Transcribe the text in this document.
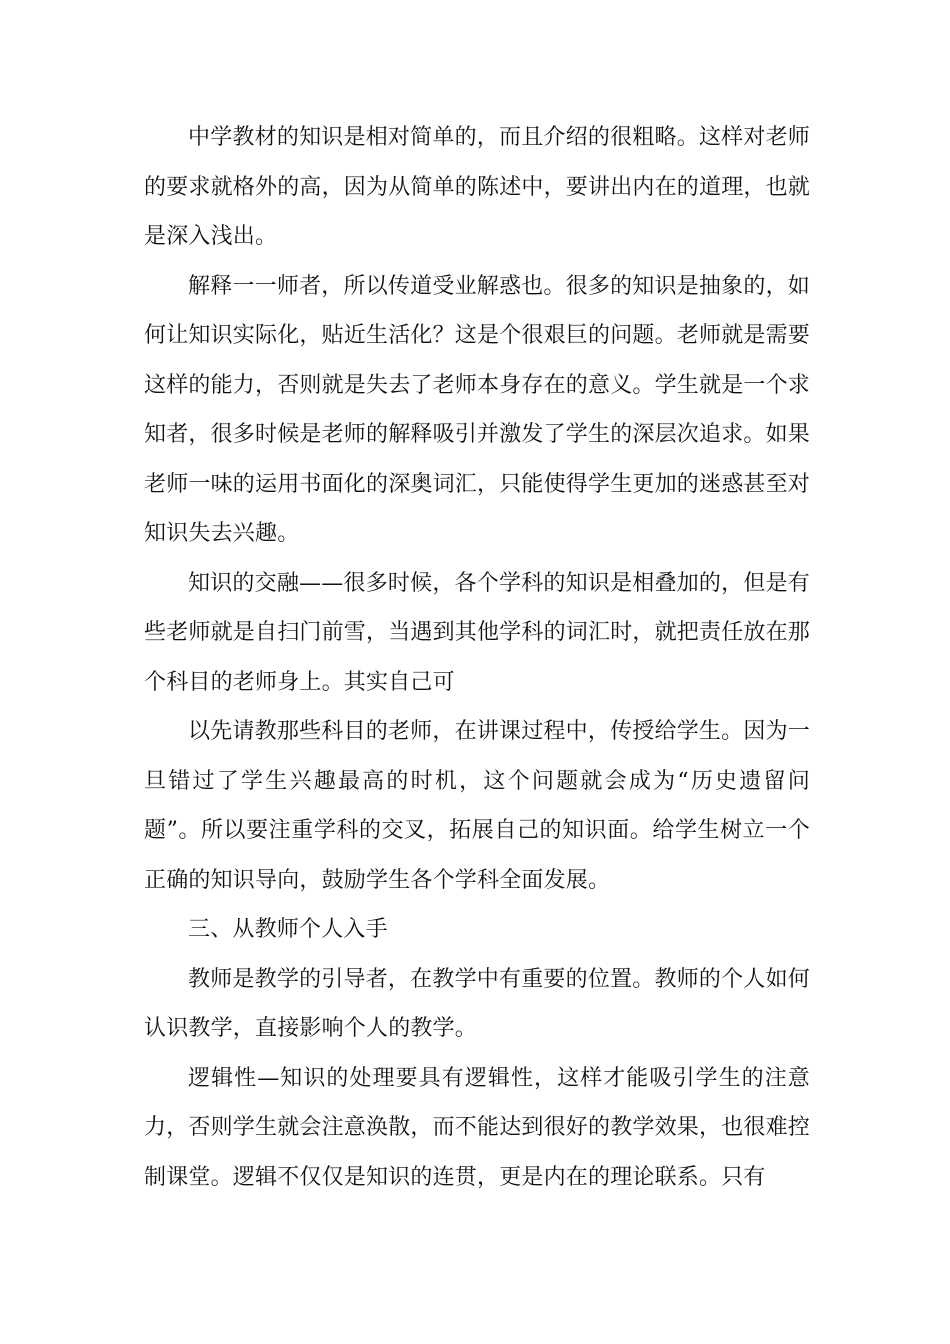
中学教材的知识是相对简单的，而且介绍的很粗略。这样对老师的要求就格外的高，因为从简单的陈述中，要讲出内在的道理，也就是深入浅出。

解释一一师者，所以传道受业解惑也。很多的知识是抽象的，如何让知识实际化，贴近生活化？这是个很艰巨的问题。老师就是需要这样的能力，否则就是失去了老师本身存在的意义。学生就是一个求知者，很多时候是老师的解释吸引并激发了学生的深层次追求。如果老师一味的运用书面化的深奥词汇，只能使得学生更加的迷惑甚至对知识失去兴趣。

知识的交融——很多时候，各个学科的知识是相叠加的，但是有些老师就是自扫门前雪，当遇到其他学科的词汇时，就把责任放在那个科目的老师身上。其实自己可

以先请教那些科目的老师，在讲课过程中，传授给学生。因为一旦错过了学生兴趣最高的时机，这个问题就会成为“历史遗留问题”。所以要注重学科的交叉，拓展自己的知识面。给学生树立一个正确的知识导向，鼓励学生各个学科全面发展。

三、从教师个人入手

教师是教学的引导者，在教学中有重要的位置。教师的个人如何认识教学，直接影响个人的教学。

逻辑性—知识的处理要具有逻辑性，这样才能吸引学生的注意力，否则学生就会注意涣散，而不能达到很好的教学效果，也很难控制课堂。逻辑不仅仅是知识的连贯，更是内在的理论联系。只有
